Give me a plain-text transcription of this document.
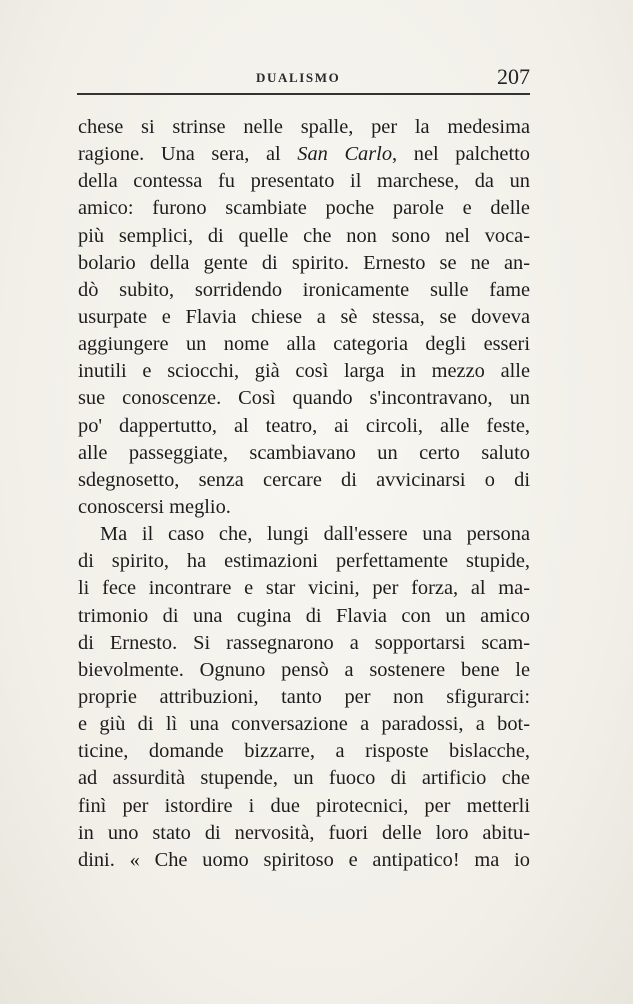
DUALISMO	207
chese si strinse nelle spalle, per la medesima
ragione. Una sera, al San Carlo, nel palchetto
della contessa fu presentato il marchese, da un
amico: furono scambiate poche parole e delle
più semplici, di quelle che non sono nel voca-
bolario della gente di spirito. Ernesto se ne an-
dò subito, sorridendo ironicamente sulle fame
usurpate e Flavia chiese a sè stessa, se doveva
aggiungere un nome alla categoria degli esseri
inutili e sciocchi, già così larga in mezzo alle
sue conoscenze. Così quando s'incontravano, un
po' dappertutto, al teatro, ai circoli, alle feste,
alle passeggiate, scambiavano un certo saluto
sdegnosetto, senza cercare di avvicinarsi o di
conoscersi meglio.
Ma il caso che, lungi dall'essere una persona
di spirito, ha estimazioni perfettamente stupide,
li fece incontrare e star vicini, per forza, al ma-
trimonio di una cugina di Flavia con un amico
di Ernesto. Si rassegnarono a sopportarsi scam-
bievolmente. Ognuno pensò a sostenere bene le
proprie attribuzioni, tanto per non sfigurarci:
e giù di lì una conversazione a paradossi, a bot-
ticine, domande bizzarre, a risposte bislacche,
ad assurdità stupende, un fuoco di artificio che
finì per istordire i due pirotecnici, per metterli
in uno stato di nervosità, fuori delle loro abitu-
dini. « Che uomo spiritoso e antipatico! ma io
